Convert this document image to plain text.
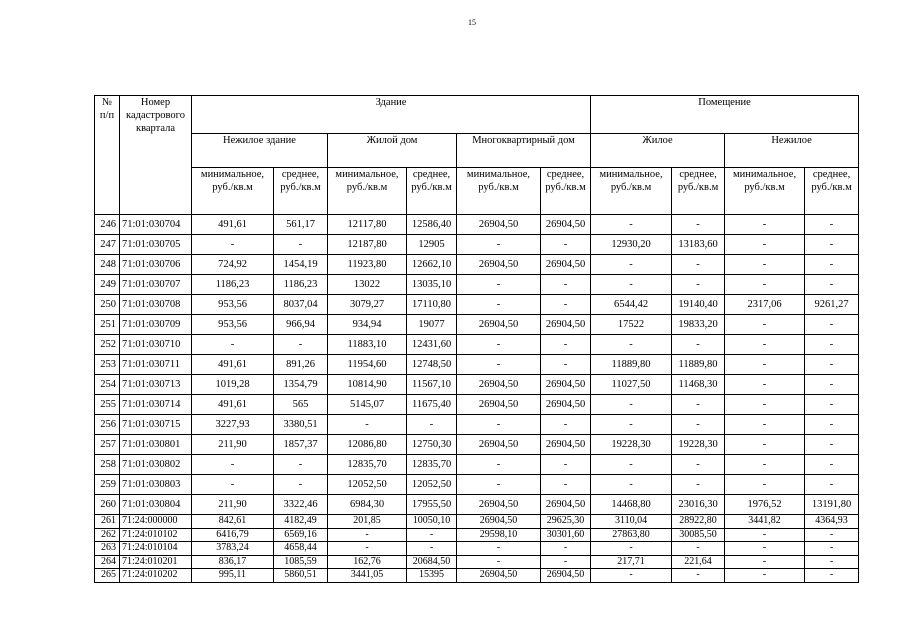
15
№ п/п	Номер кадастрового квартала	Здание						Помещение			
		Нежилое здание		Жилой дом		Многоквартирный дом		Жилое		Нежилое	
		минимальное, руб./кв.м	среднее, руб./кв.м	минимальное, руб./кв.м	среднее, руб./кв.м	минимальное, руб./кв.м	среднее, руб./кв.м	минимальное, руб./кв.м	среднее, руб./кв.м	минимальное, руб./кв.м	среднее, руб./кв.м
246	71:01:030704	491,61	561,17	12117,80	12586,40	26904,50	26904,50	-	-	-	-
247	71:01:030705	-	-	12187,80	12905	-	-	12930,20	13183,60	-	-
248	71:01:030706	724,92	1454,19	11923,80	12662,10	26904,50	26904,50	-	-	-	-
249	71:01:030707	1186,23	1186,23	13022	13035,10	-	-	-	-	-	-
250	71:01:030708	953,56	8037,04	3079,27	17110,80	-	-	6544,42	19140,40	2317,06	9261,27
251	71:01:030709	953,56	966,94	934,94	19077	26904,50	26904,50	17522	19833,20	-	-
252	71:01:030710	-	-	11883,10	12431,60	-	-	-	-	-	-
253	71:01:030711	491,61	891,26	11954,60	12748,50	-	-	11889,80	11889,80	-	-
254	71:01:030713	1019,28	1354,79	10814,90	11567,10	26904,50	26904,50	11027,50	11468,30	-	-
255	71:01:030714	491,61	565	5145,07	11675,40	26904,50	26904,50	-	-	-	-
256	71:01:030715	3227,93	3380,51	-	-	-	-	-	-	-	-
257	71:01:030801	211,90	1857,37	12086,80	12750,30	26904,50	26904,50	19228,30	19228,30	-	-
258	71:01:030802	-	-	12835,70	12835,70	-	-	-	-	-	-
259	71:01:030803	-	-	12052,50	12052,50	-	-	-	-	-	-
260	71:01:030804	211,90	3322,46	6984,30	17955,50	26904,50	26904,50	14468,80	23016,30	1976,52	13191,80
261	71:24:000000	842,61	4182,49	201,85	10050,10	26904,50	29625,30	3110,04	28922,80	3441,82	4364,93
262	71:24:010102	6416,79	6569,16	-	-	29598,10	30301,60	27863,80	30085,50	-	-
263	71:24:010104	3783,24	4658,44	-	-	-	-	-	-	-	-
264	71:24:010201	836,17	1085,59	162,76	20684,50	-	-	217,71	221,64	-	-
265	71:24:010202	995,11	5860,51	3441,05	15395	26904,50	26904,50	-	-	-	-
